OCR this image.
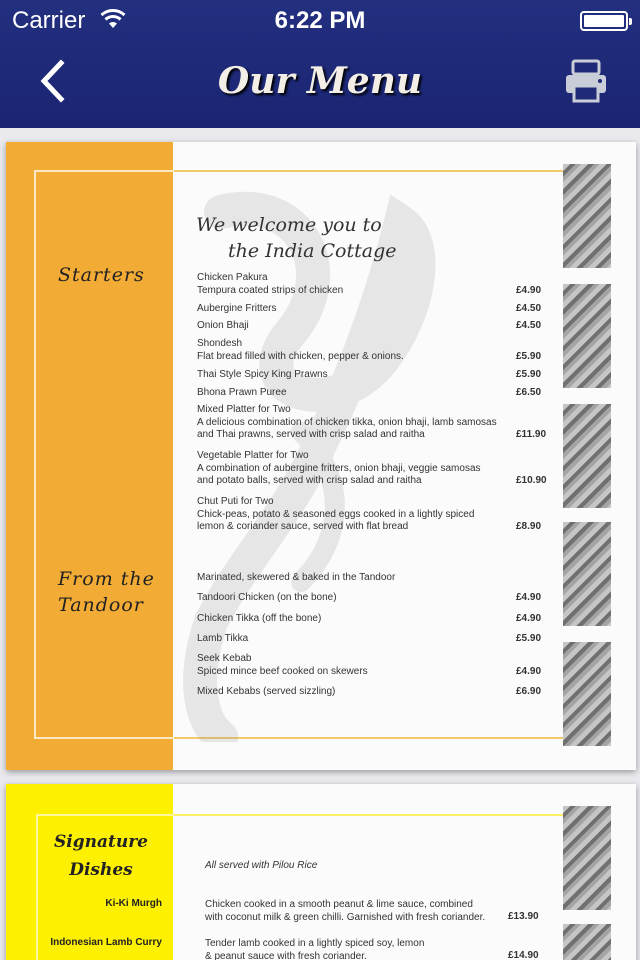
Carrier	6:22 PM
Our Menu
We welcome you to
the India Cottage
Starters
From the
Tandoor
Chicken Pakura
Tempura coated strips of chicken	£4.90
Aubergine Fritters	£4.50
Onion Bhaji	£4.50
Shondesh
Flat bread filled with chicken, pepper & onions.	£5.90
Thai Style Spicy King Prawns	£5.90
Bhona Prawn Puree	£6.50
Mixed Platter for Two
A delicious combination of chicken tikka, onion bhaji, lamb samosas
and Thai prawns, served with crisp salad and raitha	£11.90
Vegetable Platter for Two
A combination of aubergine fritters, onion bhaji, veggie samosas
and potato balls, served with crisp salad and raitha	£10.90
Chut Puti for Two
Chick-peas, potato & seasoned eggs cooked in a lightly spiced
lemon & coriander sauce, served with flat bread	£8.90
Marinated, skewered & baked in the Tandoor
Tandoori Chicken (on the bone)	£4.90
Chicken Tikka (off the bone)	£4.90
Lamb Tikka	£5.90
Seek Kebab
Spiced mince beef cooked on skewers	£4.90
Mixed Kebabs (served sizzling)	£6.90
Signature
Dishes	All served with Pilou Rice
Ki-Ki Murgh	Chicken cooked in a smooth peanut & lime sauce, combined
with coconut milk & green chilli. Garnished with fresh coriander.	£13.90
Indonesian Lamb Curry	Tender lamb cooked in a lightly spiced soy, lemon
& peanut sauce with fresh coriander.	£14.90
